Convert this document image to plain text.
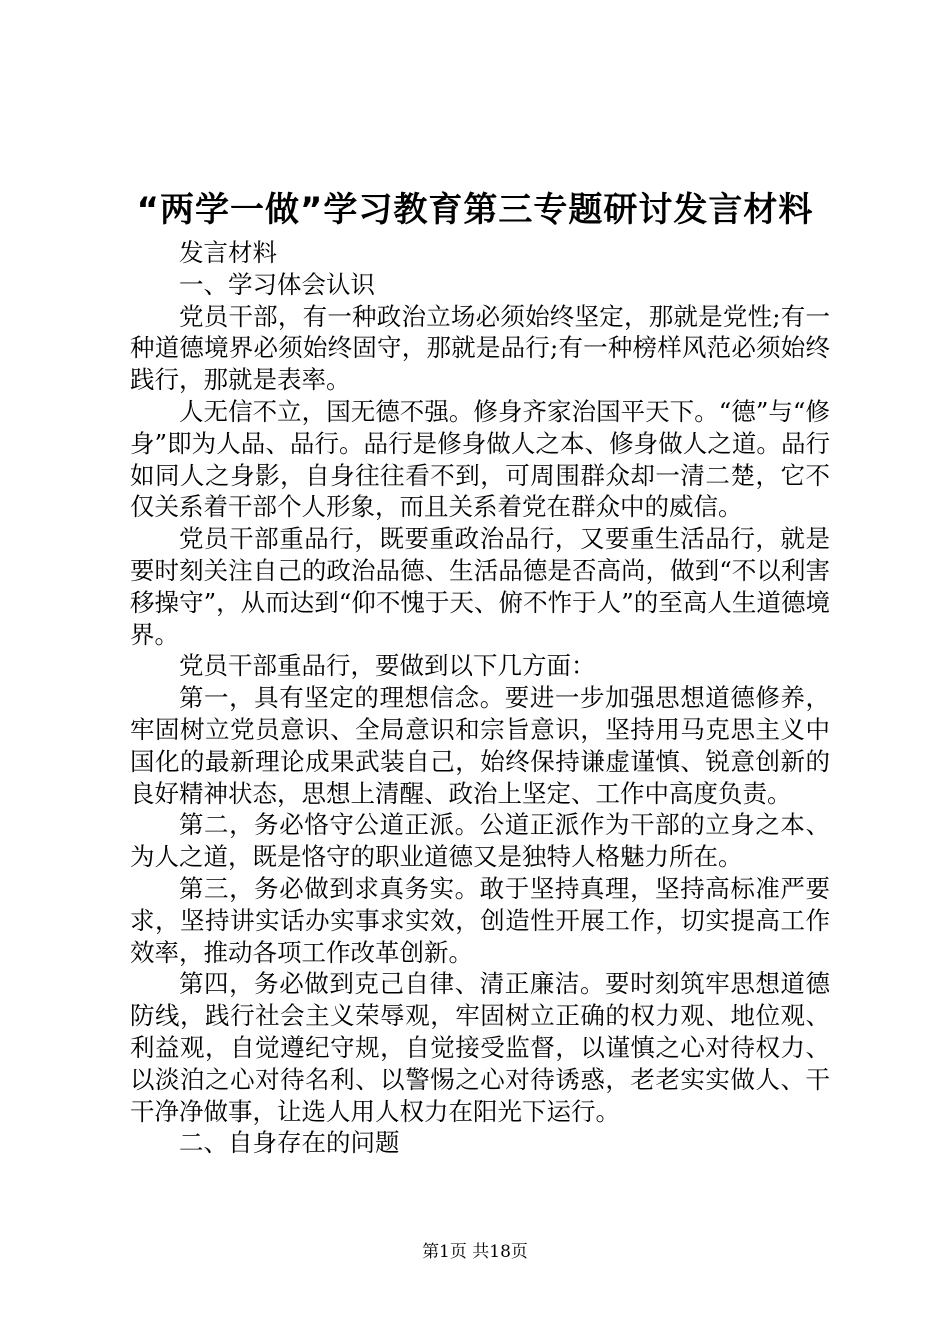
“两学一做”学习教育第三专题研讨发言材料

发言材料

一、学习体会认识

党员干部，有一种政治立场必须始终坚定，那就是党性;有一种道德境界必须始终固守，那就是品行;有一种榜样风范必须始终践行，那就是表率。

人无信不立，国无德不强。修身齐家治国平天下。“德”与“修身”即为人品、品行。品行是修身做人之本、修身做人之道。品行如同人之身影，自身往往看不到，可周围群众却一清二楚，它不仅关系着干部个人形象，而且关系着党在群众中的威信。

党员干部重品行，既要重政治品行，又要重生活品行，就是要时刻关注自己的政治品德、生活品德是否高尚，做到“不以利害移操守”，从而达到“仰不愧于天、俯不怍于人”的至高人生道德境界。

党员干部重品行，要做到以下几方面：

第一，具有坚定的理想信念。要进一步加强思想道德修养，牢固树立党员意识、全局意识和宗旨意识，坚持用马克思主义中国化的最新理论成果武装自己，始终保持谦虚谨慎、锐意创新的良好精神状态，思想上清醒、政治上坚定、工作中高度负责。

第二，务必恪守公道正派。公道正派作为干部的立身之本、为人之道，既是恪守的职业道德又是独特人格魅力所在。

第三，务必做到求真务实。敢于坚持真理，坚持高标准严要求，坚持讲实话办实事求实效，创造性开展工作，切实提高工作效率，推动各项工作改革创新。

第四，务必做到克己自律、清正廉洁。要时刻筑牢思想道德防线，践行社会主义荣辱观，牢固树立正确的权力观、地位观、利益观，自觉遵纪守规，自觉接受监督，以谨慎之心对待权力、以淡泊之心对待名利、以警惕之心对待诱惑，老老实实做人、干干净净做事，让选人用人权力在阳光下运行。

二、自身存在的问题

第1页 共18页
